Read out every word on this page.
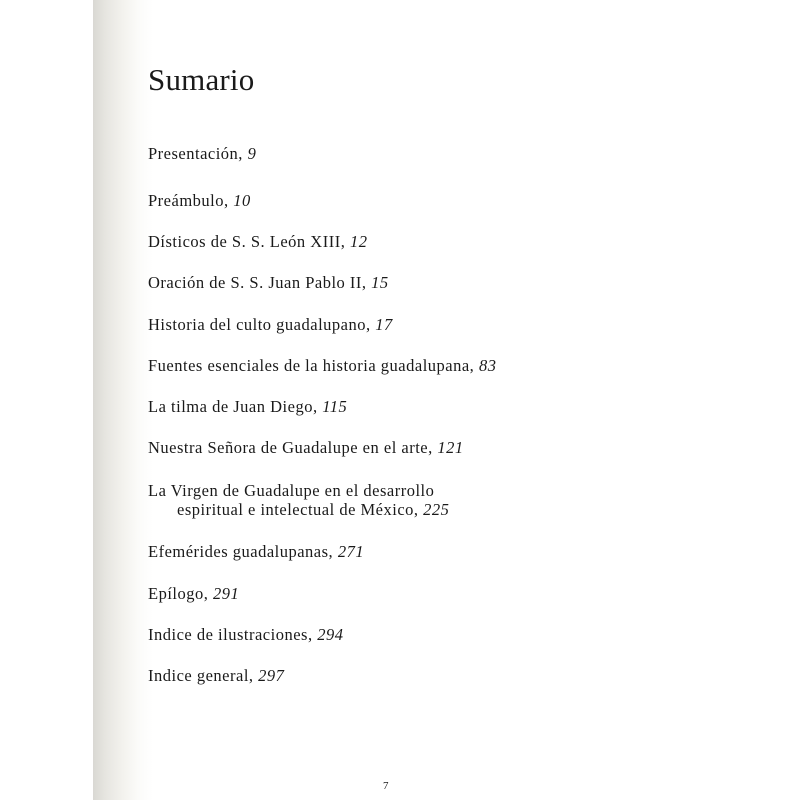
Sumario
Presentación, 9
Preámbulo, 10
Dísticos de S. S. León XIII, 12
Oración de S. S. Juan Pablo II, 15
Historia del culto guadalupano, 17
Fuentes esenciales de la historia guadalupana, 83
La tilma de Juan Diego, 115
Nuestra Señora de Guadalupe en el arte, 121
La Virgen de Guadalupe en el desarrollo
espiritual e intelectual de México, 225
Efemérides guadalupanas, 271
Epílogo, 291
Indice de ilustraciones, 294
Indice general, 297
7
